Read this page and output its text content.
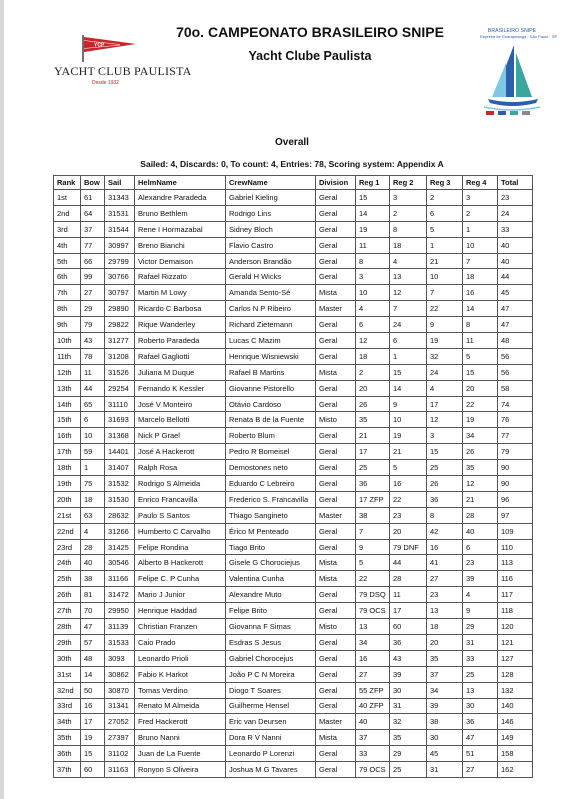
YCP
YACHT CLUB PAULISTA
Desde 1932
70o. CAMPEONATO BRASILEIRO SNIPE
Yacht Clube Paulista
BRASILEIRO SNIPE
Represa de Guarapiranga · São Paulo · SP
Overall
Sailed: 4, Discards: 0, To count: 4, Entries: 78, Scoring system: Appendix A
Rank	Bow	Sail	HelmName	CrewName	Division	Reg 1	Reg 2	Reg 3	Reg 4	Total
1st	61	31343	Alexandre Paradeda	Gabriel Kieling	Geral	15	3	2	3	23
2nd	64	31531	Bruno Bethlem	Rodrigo Lins	Geral	14	2	6	2	24
3rd	37	31544	Rene I Hormazabal	Sidney Bloch	Geral	19	8	5	1	33
4th	77	30997	Breno Bianchi	Flavio Castro	Geral	11	18	1	10	40
5th	66	29799	Victor Demaison	Anderson Brandão	Geral	8	4	21	7	40
6th	99	30766	Rafael Rizzato	Gerald H Wicks	Geral	3	13	10	18	44
7th	27	30797	Martin M Lowy	Amanda Sento-Sé	Mista	10	12	7	16	45
8th	29	29890	Ricardo C Barbosa	Carlos N P Ribeiro	Master	4	7	22	14	47
9th	79	29822	Rique Wanderley	Richard Zietemann	Geral	6	24	9	8	47
10th	43	31277	Roberto Paradeda	Lucas C Mazim	Geral	12	6	19	11	48
11th	78	31208	Rafael Gagliotti	Henrique Wisniewski	Geral	18	1	32	5	56
12th	11	31526	Juliana M Duque	Rafael B Martins	Mista	2	15	24	15	56
13th	44	29254	Fernando K Kessler	Giovanne Pistorello	Geral	20	14	4	20	58
14th	65	31110	José V Monteiro	Otávio Cardoso	Geral	26	9	17	22	74
15th	6	31693	Marcelo Bellotti	Renata B de la Fuente	Misto	35	10	12	19	76
16th	10	31368	Nick P Grael	Roberto Blum	Geral	21	19	3	34	77
17th	59	14401	José A Hackerott	Pedro R Bomeisel	Geral	17	21	15	26	79
18th	1	31407	Ralph Rosa	Demostones neto	Geral	25	5	25	35	90
19th	75	31532	Rodrigo S Almeida	Eduardo C Lebreiro	Geral	36	16	26	12	90
20th	18	31530	Enrico Francavilla	Frederico S. Francavilla	Geral	17 ZFP	22	36	21	96
21st	63	28632	Paulo S Santos	Thiago Sangineto	Master	38	23	8	28	97
22nd	4	31266	Humberto C Carvalho	Érico M Penteado	Geral	7	20	42	40	109
23rd	28	31425	Felipe Rondina	Tiago Brito	Geral	9	79 DNF	16	6	110
24th	40	30546	Alberto B Hackerott	Gisele G Chorociejus	Mista	5	44	41	23	113
25th	38	31166	Felipe C. P Cunha	Valentina Cunha	Mista	22	28	27	39	116
26th	81	31472	Mario J Junior	Alexandre Muto	Geral	79 DSQ	11	23	4	117
27th	70	29950	Henrique Haddad	Felipe Brito	Geral	79 OCS	17	13	9	118
28th	47	31139	Christian Franzen	Giovanna F Simas	Misto	13	60	18	29	120
29th	57	31533	Caio Prado	Esdras S Jesus	Geral	34	36	20	31	121
30th	48	3093	Leonardo Prioli	Gabriel Chorocejus	Geral	16	43	35	33	127
31st	14	30862	Fabio K Harkot	João P C N Moreira	Geral	27	39	37	25	128
32nd	50	30870	Tomas Verdino	Diogo T Soares	Geral	55 ZFP	30	34	13	132
33rd	16	31341	Renato M Almeida	Guilherme Hensel	Geral	40 ZFP	31	39	30	140
34th	17	27052	Fred Hackerott	Eric van Deursen	Master	40	32	38	36	146
35th	19	27397	Bruno Nanni	Dora R V Nanni	Mista	37	35	30	47	149
36th	15	31102	Juan de La Fuente	Leonardo P Lorenzi	Geral	33	29	45	51	158
37th	60	31163	Ronyon S Oliveira	Joshua M G Tavares	Geral	79 OCS	25	31	27	162
